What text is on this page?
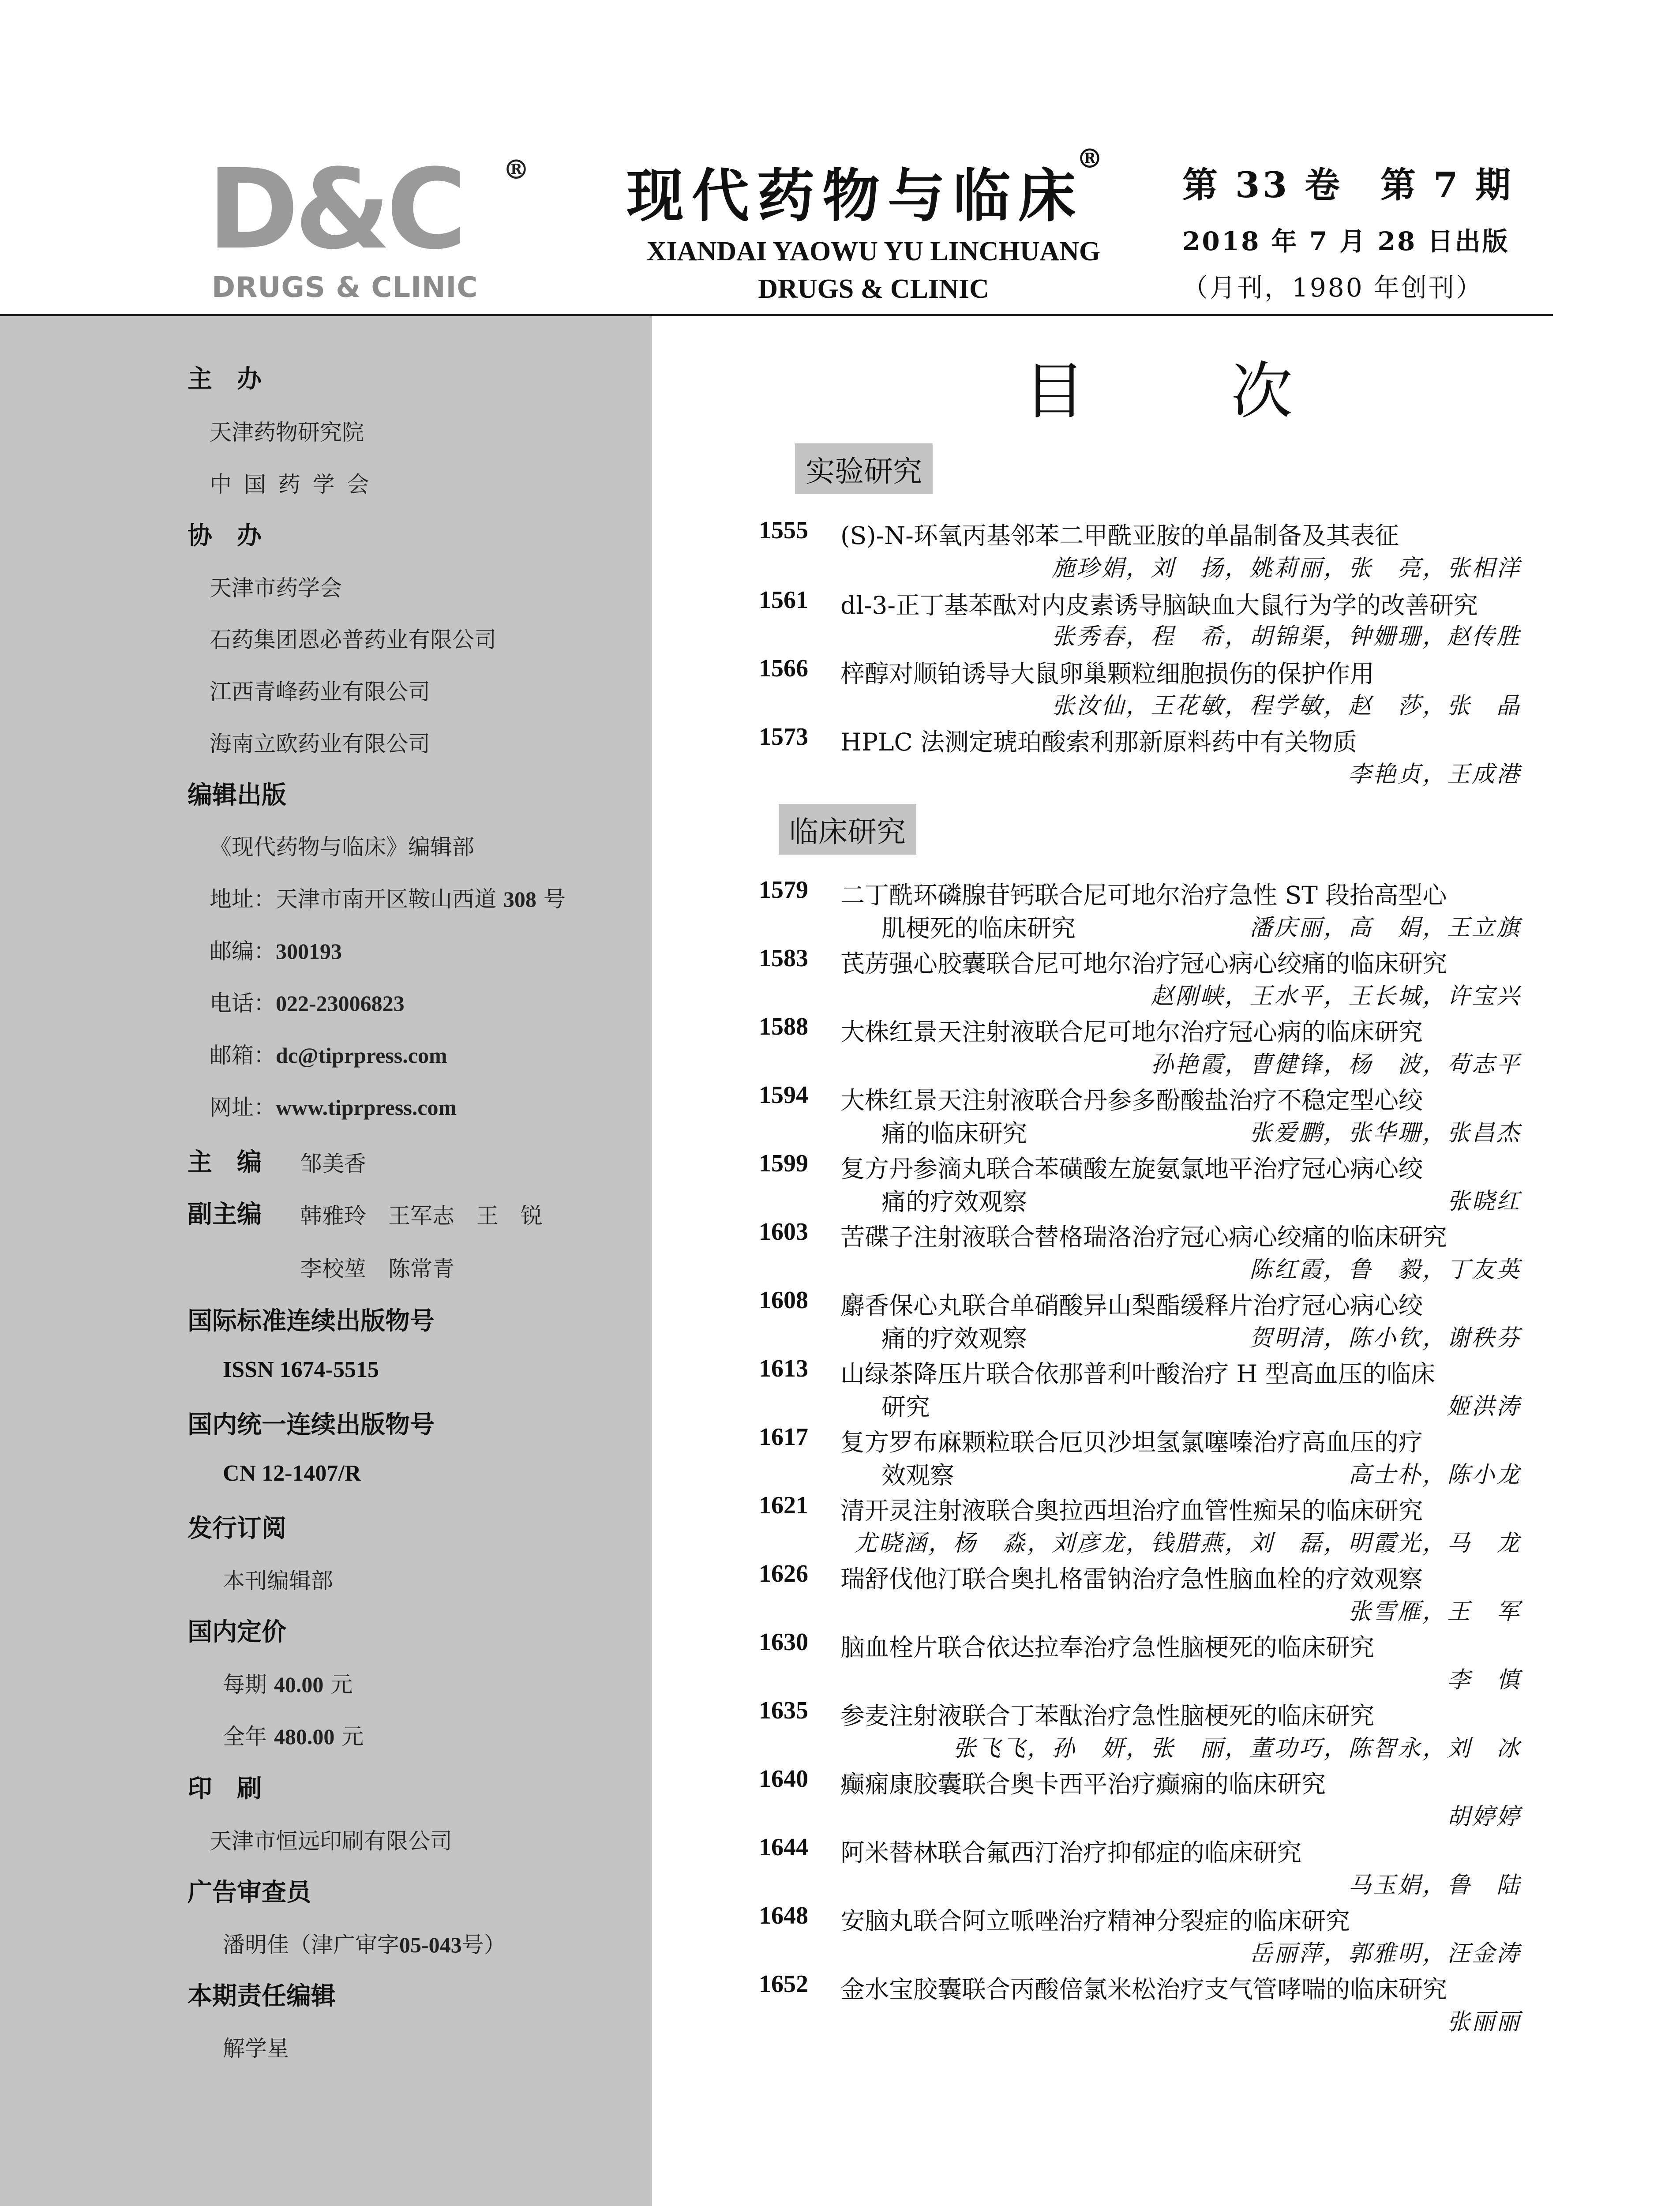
D&C
DRUGS & CLINIC
® 现代药物与临床
®
XIANDAI YAOWU YU LINCHUANG
DRUGS & CLINIC
第 33 卷　第 7 期
2018 年 7 月 28 日出版
（月刊，1980 年创刊）
主　办
天津药物研究院
中 国 药 学 会
协　办
天津市药学会
石药集团恩必普药业有限公司
江西青峰药业有限公司
海南立欧药业有限公司
编辑出版
《现代药物与临床》编辑部
地址：天津市南开区鞍山西道 308 号
邮编：300193
电话：022-23006823
邮箱：dc@tiprpress.com
网址：www.tiprpress.com
主　编 邹美香
副主编 韩雅玲　王军志　王　锐
李校堃　陈常青
国际标准连续出版物号
ISSN 1674-5515
国内统一连续出版物号
CN 12-1407/R
发行订阅
本刊编辑部
国内定价
每期 40.00 元
全年 480.00 元
印　刷
天津市恒远印刷有限公司
广告审查员
潘明佳（津广审字05-043号）
本期责任编辑
解学星
目次
实验研究
临床研究
1555 (S)-N-环氧丙基邻苯二甲酰亚胺的单晶制备及其表征
施珍娟，刘　扬，姚莉丽，张　亮，张相洋
1561 dl-3-正丁基苯酞对内皮素诱导脑缺血大鼠行为学的改善研究
张秀春，程　希，胡锦渠，钟姗珊，赵传胜
1566 梓醇对顺铂诱导大鼠卵巢颗粒细胞损伤的保护作用
张汝仙，王花敏，程学敏，赵　莎，张　晶
1573 HPLC 法测定琥珀酸索利那新原料药中有关物质
李艳贞，王成港
1579 二丁酰环磷腺苷钙联合尼可地尔治疗急性 ST 段抬高型心
肌梗死的临床研究	潘庆丽，高　娟，王立旗
1583 芪苈强心胶囊联合尼可地尔治疗冠心病心绞痛的临床研究
赵刚峡，王水平，王长城，许宝兴
1588 大株红景天注射液联合尼可地尔治疗冠心病的临床研究
孙艳霞，曹健锋，杨　波，苟志平
1594 大株红景天注射液联合丹参多酚酸盐治疗不稳定型心绞
痛的临床研究	张爱鹏，张华珊，张昌杰
1599 复方丹参滴丸联合苯磺酸左旋氨氯地平治疗冠心病心绞
痛的疗效观察	张晓红
1603 苦碟子注射液联合替格瑞洛治疗冠心病心绞痛的临床研究
陈红霞，鲁　毅，丁友英
1608 麝香保心丸联合单硝酸异山梨酯缓释片治疗冠心病心绞
痛的疗效观察	贺明清，陈小钦，谢秩芬
1613 山绿茶降压片联合依那普利叶酸治疗 H 型高血压的临床
研究	姬洪涛
1617 复方罗布麻颗粒联合厄贝沙坦氢氯噻嗪治疗高血压的疗
效观察	高士朴，陈小龙
1621 清开灵注射液联合奥拉西坦治疗血管性痴呆的临床研究
尤晓涵，杨　淼，刘彦龙，钱腊燕，刘　磊，明霞光，马　龙
1626 瑞舒伐他汀联合奥扎格雷钠治疗急性脑血栓的疗效观察
张雪雁，王　军
1630 脑血栓片联合依达拉奉治疗急性脑梗死的临床研究
李　慎
1635 参麦注射液联合丁苯酞治疗急性脑梗死的临床研究
张飞飞，孙　妍，张　丽，董功巧，陈智永，刘　冰
1640 癫痫康胶囊联合奥卡西平治疗癫痫的临床研究
胡婷婷
1644 阿米替林联合氟西汀治疗抑郁症的临床研究
马玉娟，鲁　陆
1648 安脑丸联合阿立哌唑治疗精神分裂症的临床研究
岳丽萍，郭雅明，汪金涛
1652 金水宝胶囊联合丙酸倍氯米松治疗支气管哮喘的临床研究
张丽丽
